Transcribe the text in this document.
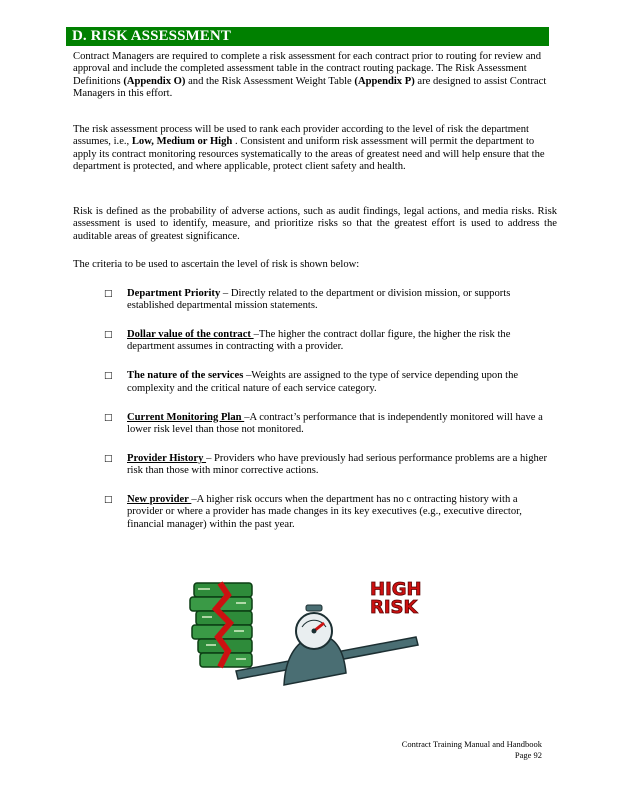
D. RISK ASSESSMENT

Contract Managers are required to complete a risk assessment for each contract prior to routing for review and approval and include the completed assessment table in the contract routing package. The Risk Assessment Definitions (Appendix O) and the Risk Assessment Weight Table (Appendix P) are designed to assist Contract Managers in this effort.

The risk assessment process will be used to rank each provider according to the level of risk the department assumes, i.e., Low, Medium or High . Consistent and uniform risk assessment will permit the department to apply its contract monitoring resources systematically to the areas of greatest need and will help ensure that the department is protected, and where applicable, protect client safety and health.

Risk is defined as the probability of adverse actions, such as audit findings, legal actions, and media risks. Risk assessment is used to identify, measure, and prioritize risks so that the greatest effort is used to address the auditable areas of greatest significance.

The criteria to be used to ascertain the level of risk is shown below:

□ Department Priority – Directly related to the department or division mission, or supports established departmental mission statements.
□ Dollar value of the contract –The higher the contract dollar figure, the higher the risk the department assumes in contracting with a provider.
□ The nature of the services –Weights are assigned to the type of service depending upon the complexity and the critical nature of each service category.
□ Current Monitoring Plan –A contract’s performance that is independently monitored will have a lower risk level than those not monitored.
□ Provider History – Providers who have previously had serious performance problems are a higher risk than those with minor corrective actions.
□ New provider –A higher risk occurs when the department has no c ontracting history with a provider or where a provider has made changes in its key executives (e.g., executive director, financial manager) within the past year.
HIGH
RISK
Contract Training Manual and Handbook
Page 92
